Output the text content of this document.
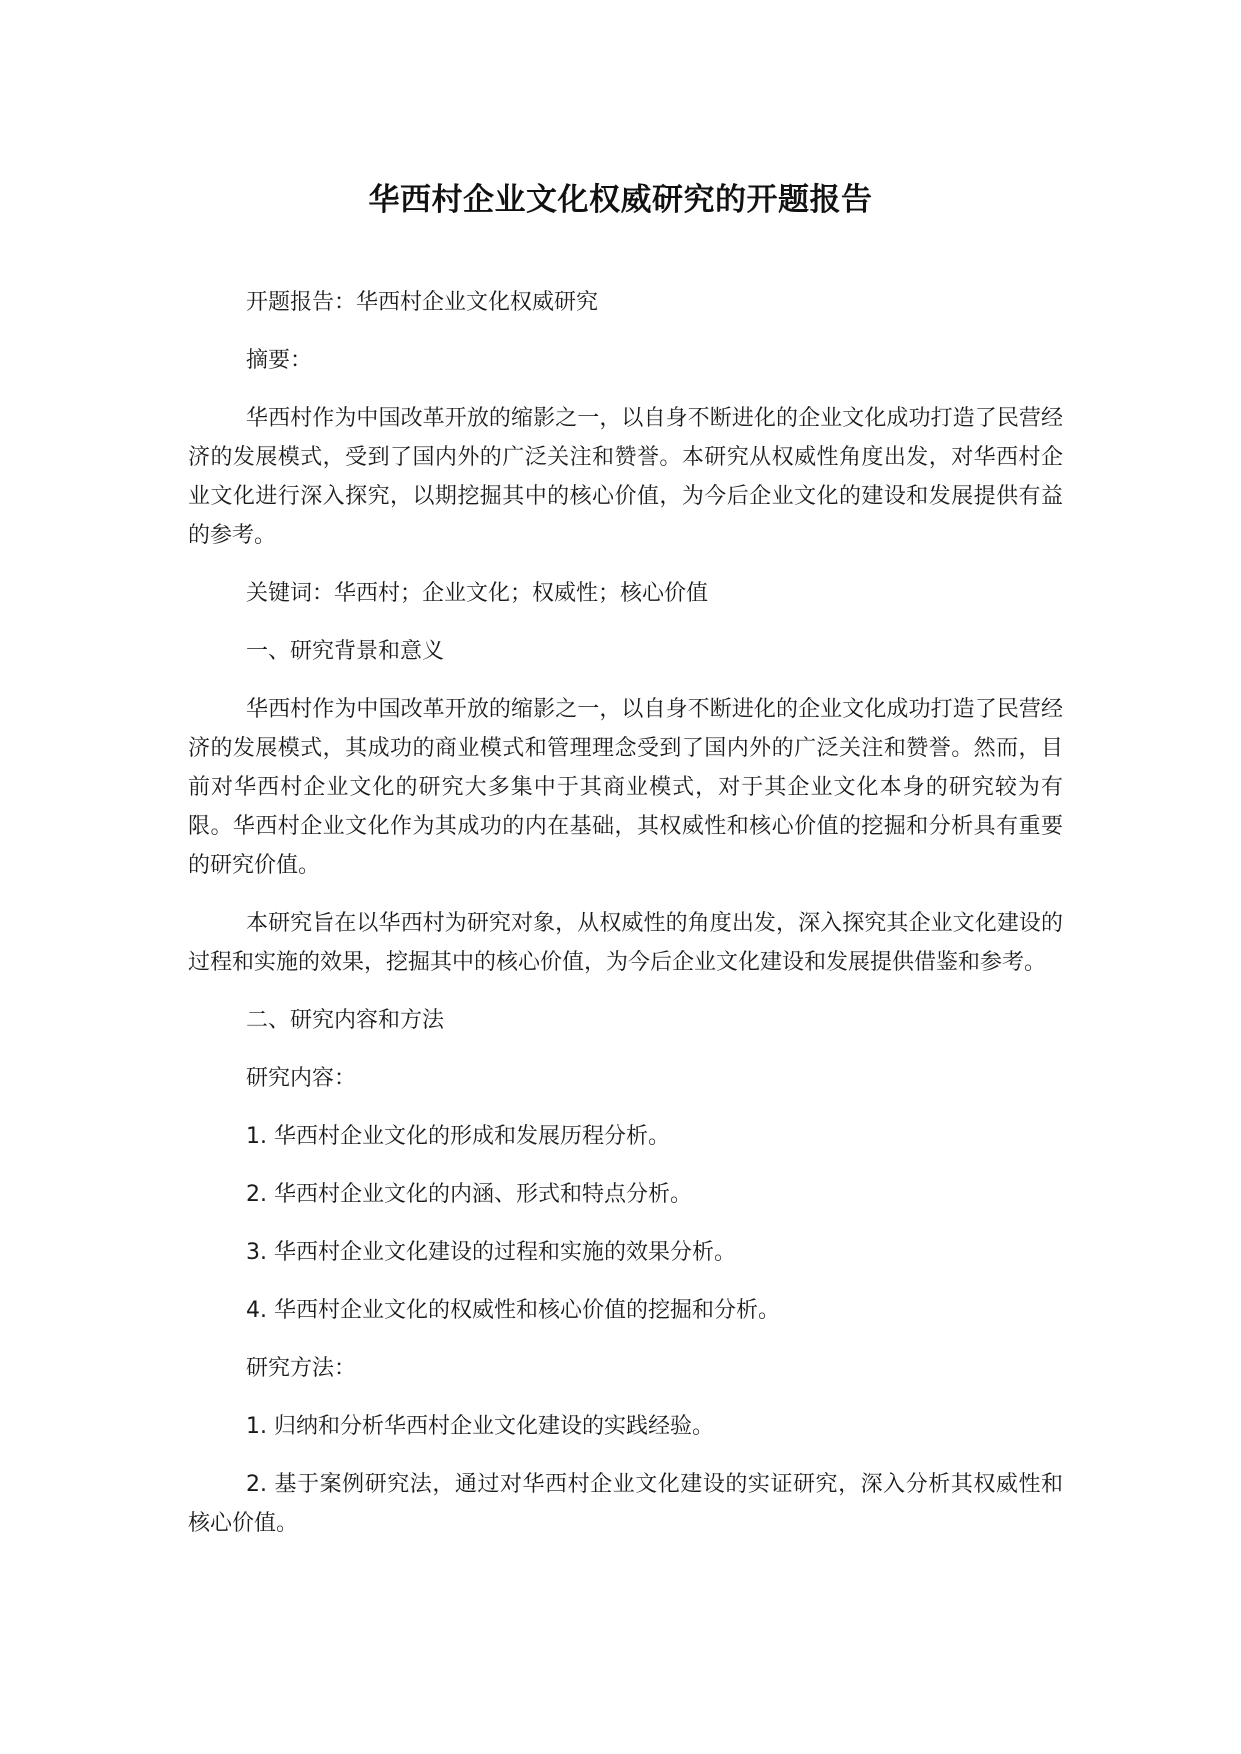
华西村企业文化权威研究的开题报告

开题报告：华西村企业文化权威研究

摘要：

华西村作为中国改革开放的缩影之一，以自身不断进化的企业文化成功打造了民营经济的发展模式，受到了国内外的广泛关注和赞誉。本研究从权威性角度出发，对华西村企业文化进行深入探究，以期挖掘其中的核心价值，为今后企业文化的建设和发展提供有益的参考。

关键词：华西村；企业文化；权威性；核心价值

一、研究背景和意义

华西村作为中国改革开放的缩影之一，以自身不断进化的企业文化成功打造了民营经济的发展模式，其成功的商业模式和管理理念受到了国内外的广泛关注和赞誉。然而，目前对华西村企业文化的研究大多集中于其商业模式，对于其企业文化本身的研究较为有限。华西村企业文化作为其成功的内在基础，其权威性和核心价值的挖掘和分析具有重要的研究价值。

本研究旨在以华西村为研究对象，从权威性的角度出发，深入探究其企业文化建设的过程和实施的效果，挖掘其中的核心价值，为今后企业文化建设和发展提供借鉴和参考。

二、研究内容和方法

研究内容：

1. 华西村企业文化的形成和发展历程分析。

2. 华西村企业文化的内涵、形式和特点分析。

3. 华西村企业文化建设的过程和实施的效果分析。

4. 华西村企业文化的权威性和核心价值的挖掘和分析。

研究方法：

1. 归纳和分析华西村企业文化建设的实践经验。

2. 基于案例研究法，通过对华西村企业文化建设的实证研究，深入分析其权威性和核心价值。
